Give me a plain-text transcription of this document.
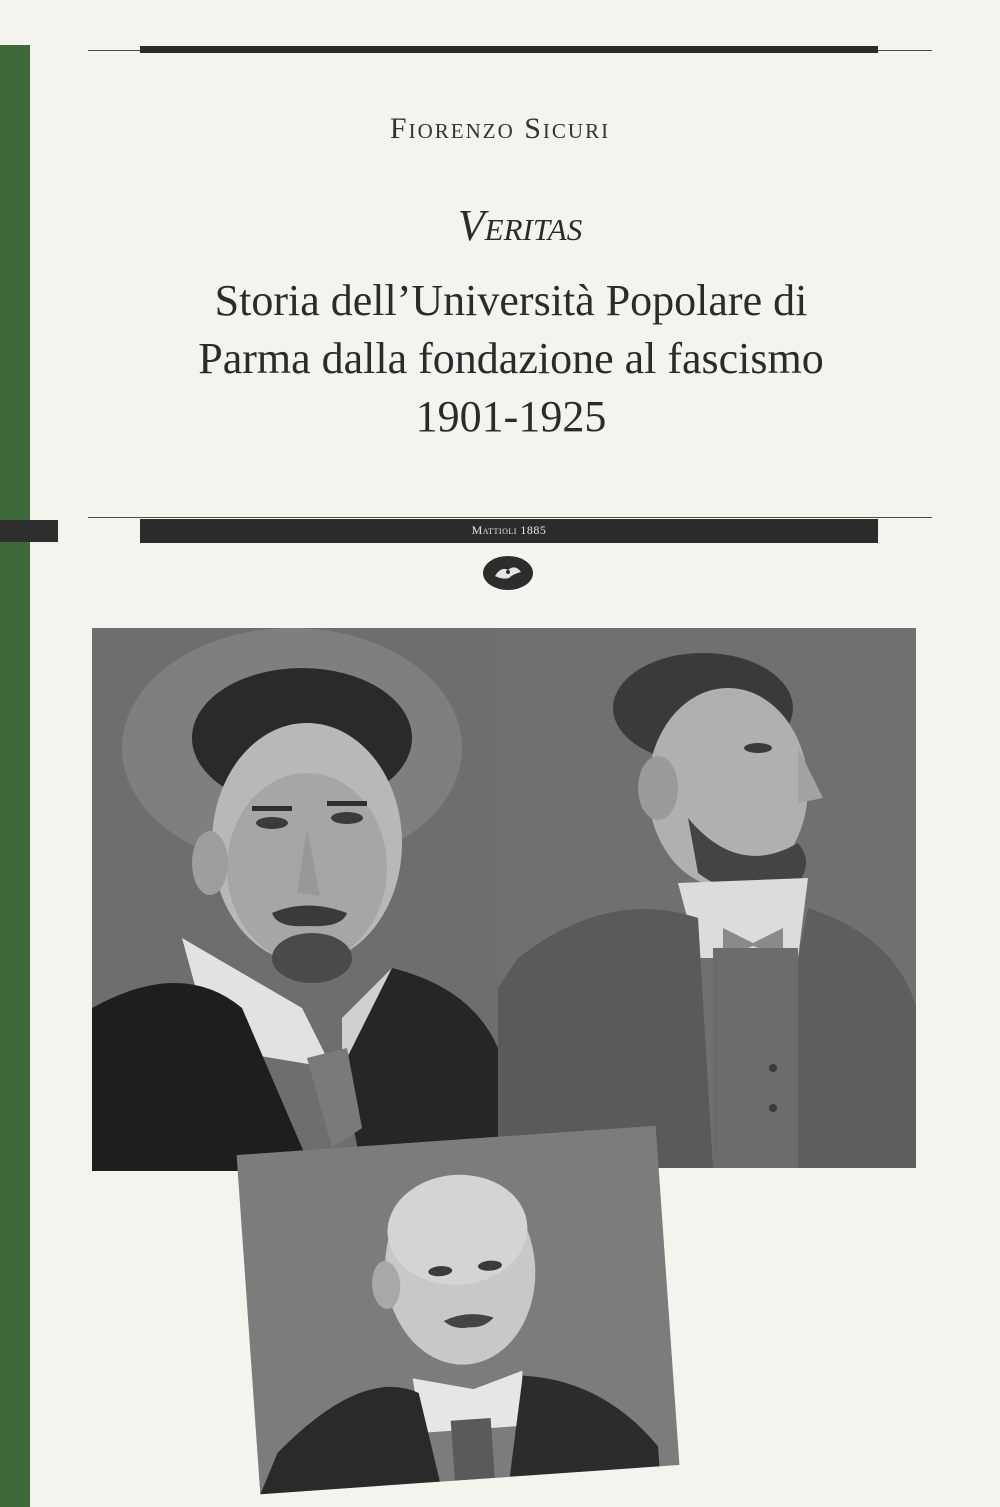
Fiorenzo Sicuri
Veritas
Storia dell’Università Popolare di
Parma dalla fondazione al fascismo
1901-1925
Mattioli 1885
